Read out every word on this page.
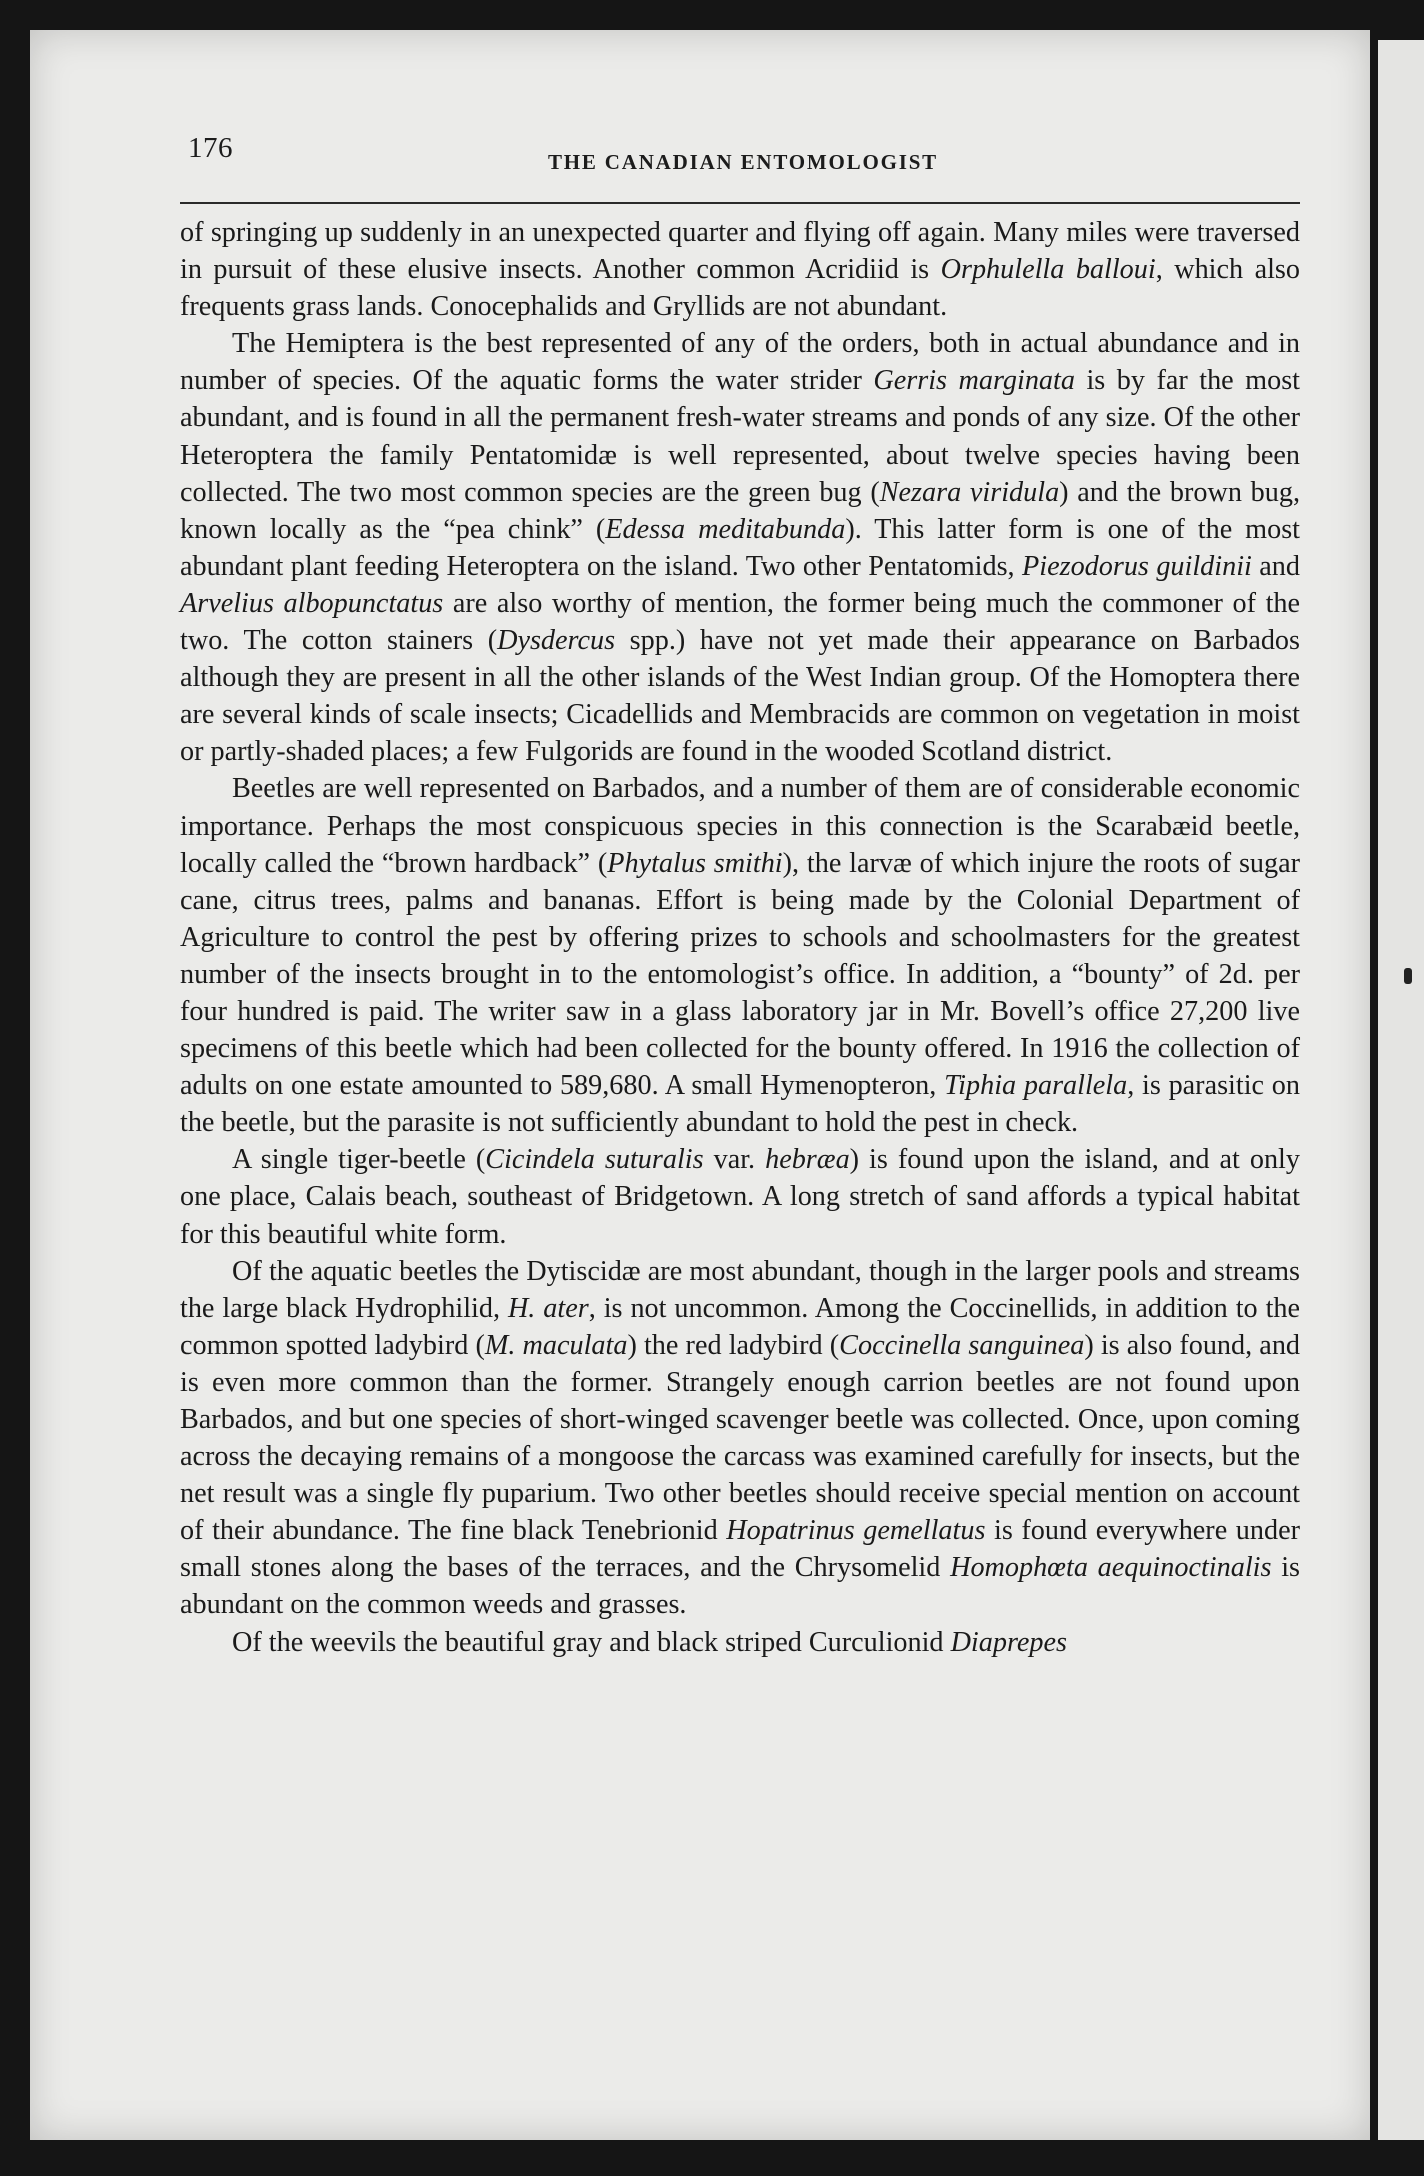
176	THE CANADIAN ENTOMOLOGIST

of springing up suddenly in an unexpected quarter and flying off again. Many miles were traversed in pursuit of these elusive insects. Another common Acridiid is Orphulella balloui, which also frequents grass lands. Conocephalids and Gryllids are not abundant.

The Hemiptera is the best represented of any of the orders, both in actual abundance and in number of species. Of the aquatic forms the water strider Gerris marginata is by far the most abundant, and is found in all the permanent fresh-water streams and ponds of any size. Of the other Heteroptera the family Pentatomidæ is well represented, about twelve species having been collected. The two most common species are the green bug (Nezara viridula) and the brown bug, known locally as the “pea chink” (Edessa meditabunda). This latter form is one of the most abundant plant feeding Heteroptera on the island. Two other Pentatomids, Piezodorus guildinii and Arvelius albopunctatus are also worthy of mention, the former being much the commoner of the two. The cotton stainers (Dysdercus spp.) have not yet made their appearance on Barbados although they are present in all the other islands of the West Indian group. Of the Homoptera there are several kinds of scale insects; Cicadellids and Membracids are common on vegetation in moist or partly-shaded places; a few Fulgorids are found in the wooded Scotland district.

Beetles are well represented on Barbados, and a number of them are of considerable economic importance. Perhaps the most conspicuous species in this connection is the Scarabæid beetle, locally called the “brown hardback” (Phytalus smithi), the larvæ of which injure the roots of sugar cane, citrus trees, palms and bananas. Effort is being made by the Colonial Department of Agriculture to control the pest by offering prizes to schools and schoolmasters for the greatest number of the insects brought in to the entomologist’s office. In addition, a “bounty” of 2d. per four hundred is paid. The writer saw in a glass laboratory jar in Mr. Bovell’s office 27,200 live specimens of this beetle which had been collected for the bounty offered. In 1916 the collection of adults on one estate amounted to 589,680. A small Hymenopteron, Tiphia parallela, is parasitic on the beetle, but the parasite is not sufficiently abundant to hold the pest in check.

A single tiger-beetle (Cicindela suturalis var. hebræa) is found upon the island, and at only one place, Calais beach, southeast of Bridgetown. A long stretch of sand affords a typical habitat for this beautiful white form.

Of the aquatic beetles the Dytiscidæ are most abundant, though in the larger pools and streams the large black Hydrophilid, H. ater, is not uncommon. Among the Coccinellids, in addition to the common spotted ladybird (M. maculata) the red ladybird (Coccinella sanguinea) is also found, and is even more common than the former. Strangely enough carrion beetles are not found upon Barbados, and but one species of short-winged scavenger beetle was collected. Once, upon coming across the decaying remains of a mongoose the carcass was examined carefully for insects, but the net result was a single fly puparium. Two other beetles should receive special mention on account of their abundance. The fine black Tenebrionid Hopatrinus gemellatus is found everywhere under small stones along the bases of the terraces, and the Chrysomelid Homophœta aequinoctinalis is abundant on the common weeds and grasses.

Of the weevils the beautiful gray and black striped Curculionid Diaprepes
